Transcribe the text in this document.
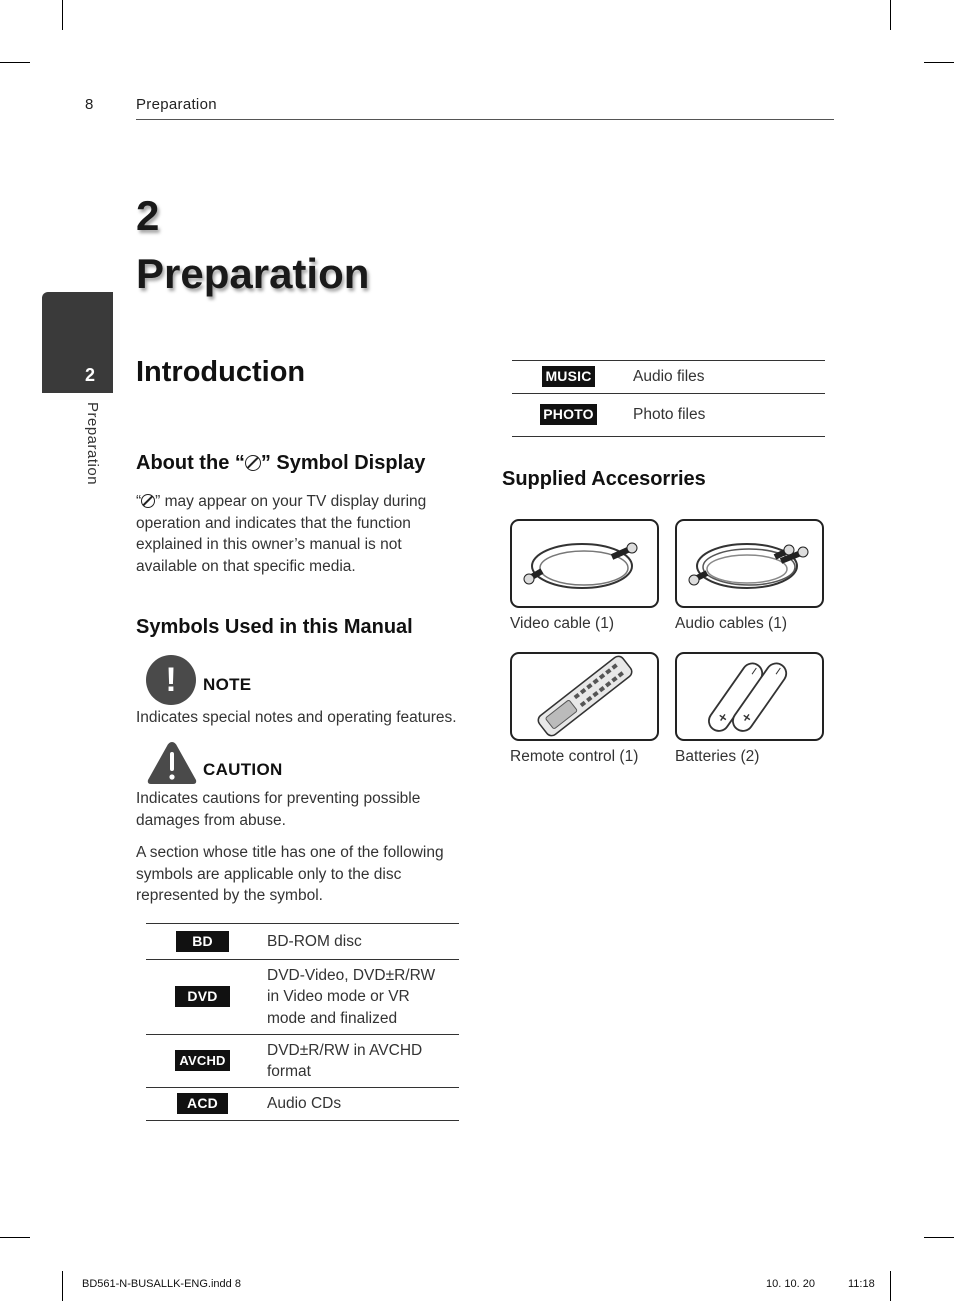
8	Preparation
2
Preparation
2
Preparation
Introduction
About the “ ” Symbol Display
“ ” may appear on your TV display during operation and indicates that the function explained in this owner’s manual is not available on that specific media.
Symbols Used in this Manual
!	NOTE
Indicates special notes and operating features.
CAUTION
Indicates cautions for preventing possible damages from abuse.
A section whose title has one of the following symbols are applicable only to the disc represented by the symbol.
BD	BD-ROM disc
DVD	DVD-Video, DVD±R/RW in Video mode or VR mode and finalized
AVCHD	DVD±R/RW in AVCHD format
ACD	Audio CDs
MUSIC	Audio files
PHOTO	Photo files
Supplied Accesorries
Video cable (1)	Audio cables (1)
Remote control (1)
+
−
+
−
Batteries (2)
BD561-N-BUSALLK-ENG.indd 8	10. 10. 20	11:18
